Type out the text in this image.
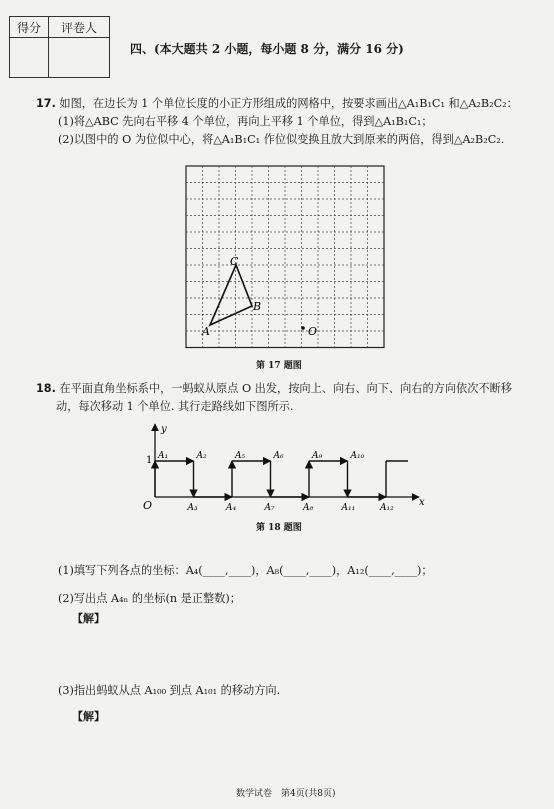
得分	评卷人

四、(本大题共 2 小题，每小题 8 分，满分 16 分)
17. 如图，在边长为 1 个单位长度的小正方形组成的网格中，按要求画出△A₁B₁C₁ 和△A₂B₂C₂：
(1)将△ABC 先向右平移 4 个单位，再向上平移 1 个单位，得到△A₁B₁C₁；
(2)以图中的 O 为位似中心，将△A₁B₁C₁ 作位似变换且放大到原来的两倍，得到△A₂B₂C₂.
C
B
A	O
第 17 题图
18. 在平面直角坐标系中，一蚂蚁从原点 O 出发，按向上、向右、向下、向右的方向依次不断移
动，每次移动 1 个单位. 其行走路线如下图所示.
A₁	A₂	A₅	A₆	A₉	A₁₀
A₃	A₄	A₇	A₈	A₁₁	A₁₂
y
x
O
1
第 18 题图
(1)填写下列各点的坐标：A₄(____,____)，A₈(____,____)，A₁₂(____,____)；
(2)写出点 A₄ₙ 的坐标(n 是正整数)；
【解】
(3)指出蚂蚁从点 A₁₀₀ 到点 A₁₀₁ 的移动方向.
【解】
数学试卷　第4页(共8页)
